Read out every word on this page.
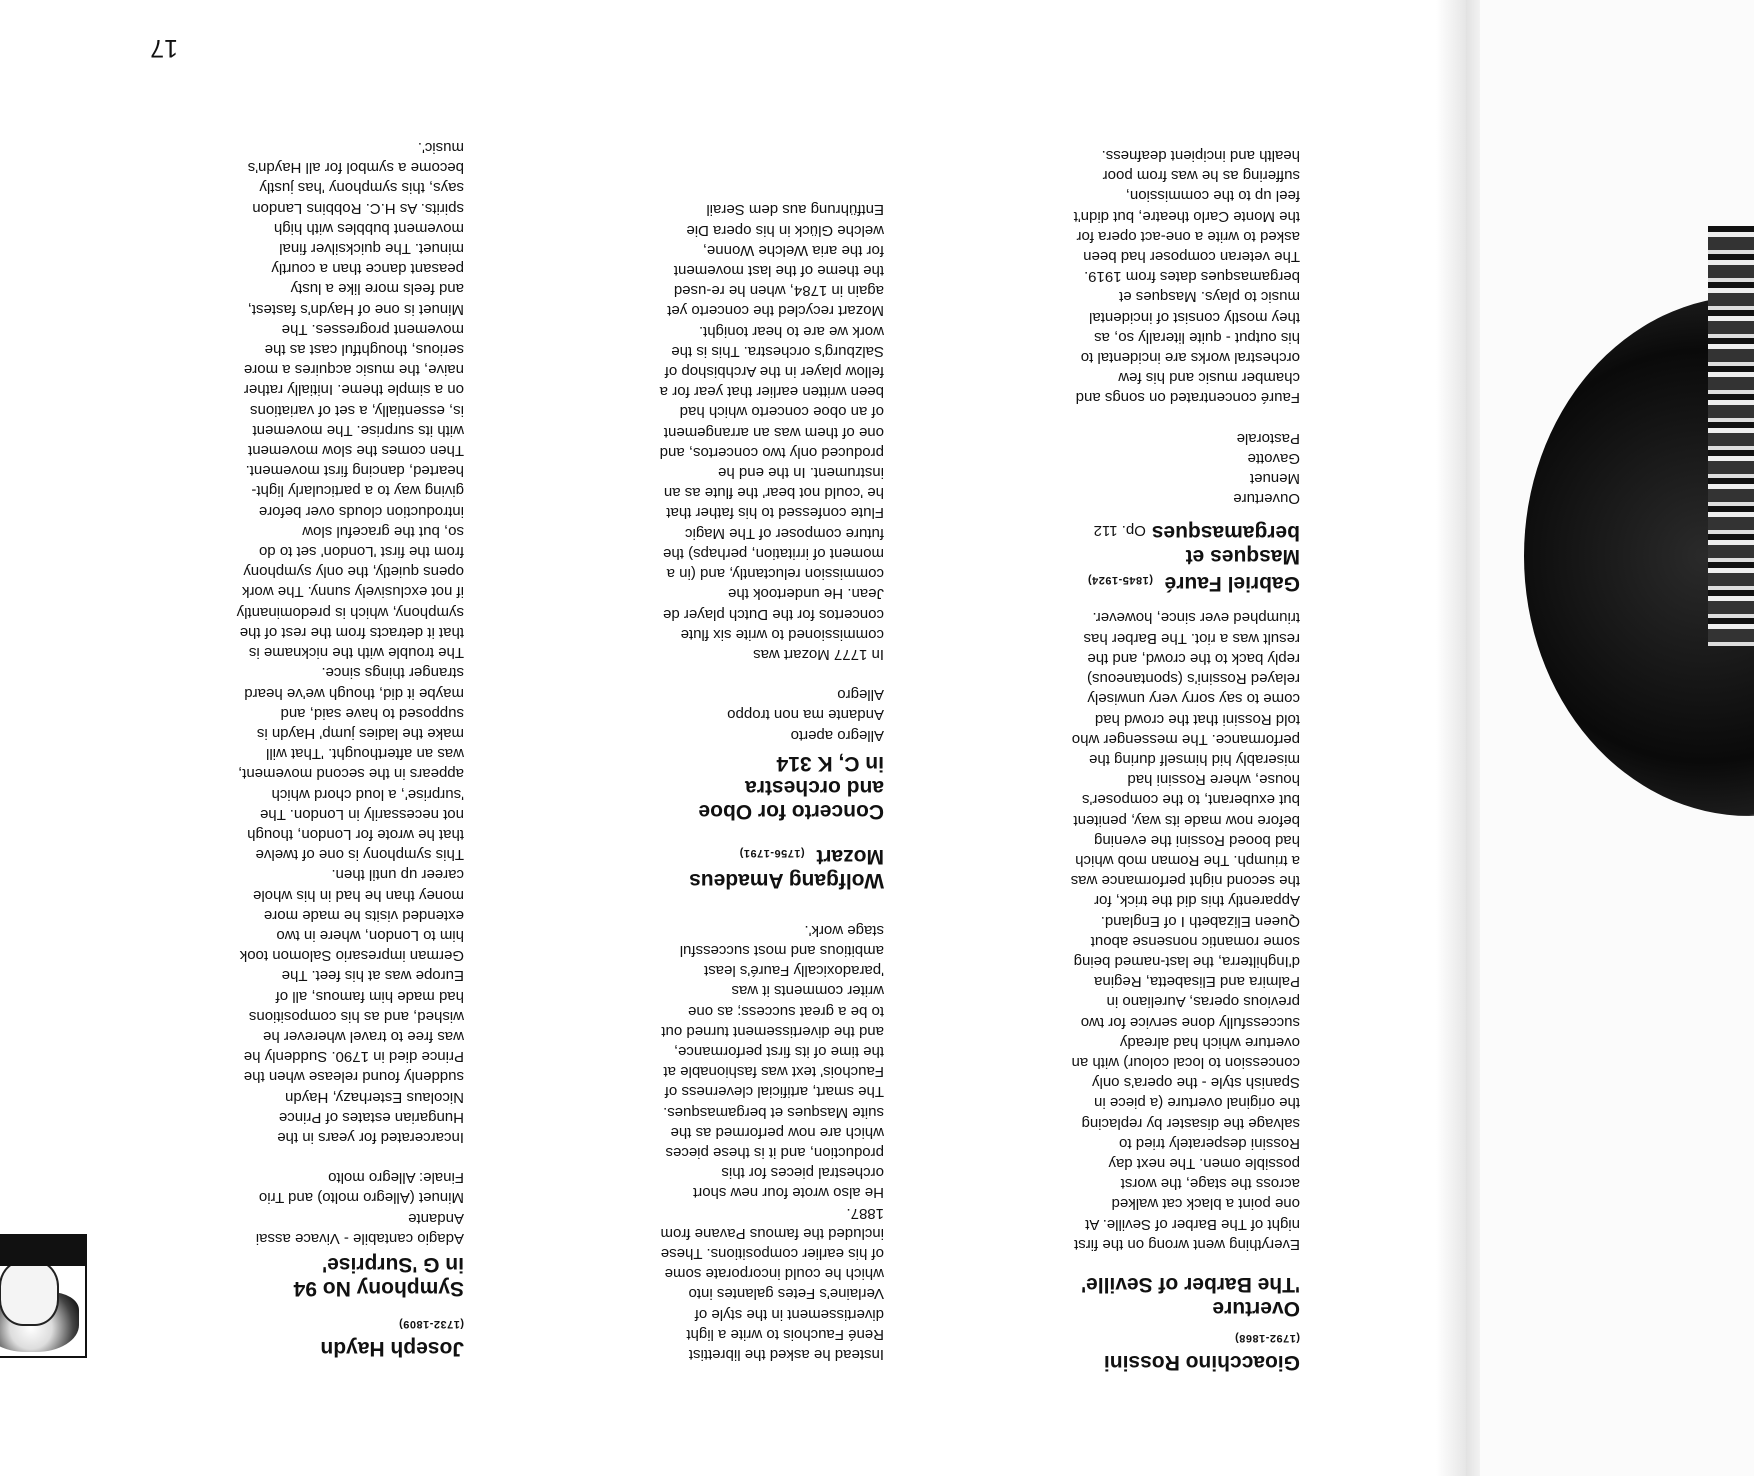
Gioacchino Rossini
(1792-1868)
Overture
'The Barber of Seville'

Everything went wrong on the first

night of The Barber of Seville. At

one point a black cat walked

across the stage, the worst

possible omen. The next day

Rossini desperately tried to

salvage the disaster by replacing

the original overture (a piece in

Spanish style - the opera's only

concession to local colour) with an

overture which had already

successfully done service for two

previous operas, Aureliano in

Palmira and Elisabetta, Regina

d'Inghilterra, the last-named being

some romantic nonsense about

Queen Elizabeth I of England.

Apparently this did the trick, for

the second night performance was

a triumph. The Roman mob which

had booed Rossini the evening

before now made its way, penitent

but exuberant, to the composer's

house, where Rossini had

miserably hid himself during the

performance. The messenger who

told Rossini that the crowd had

come to say sorry very unwisely

relayed Rossini's (spontaneous)

reply back to the crowd, and the

result was a riot. The Barber has

triumphed ever since, however.

Gabriel Fauré  (1845-1924)
Masques et
bergamasques Op. 112

Ouverture

Menuet

Gavotte

Pastorale

Fauré concentrated on songs and

chamber music and his few

orchestral works are incidental to

his output - quite literally so, as

they mostly consist of incidental

music to plays. Masques et

bergamasques dates from 1919.

The veteran composer had been

asked to write a one-act opera for

the Monte Carlo theatre, but didn't

feel up to the commission,

suffering as he was from poor

health and incipient deafness.

Instead he asked the librettist

René Fauchois to write a light

divertissement in the style of

Verlaine's Fetes galantes into

which he could incorporate some

of his earlier compositions. These

included the famous Pavane from

1887.

He also wrote four new short

orchestral pieces for this

production, and it is these pieces

which are now performed as the

suite Masques et bergamasques.

The smart, artificial cleverness of

Fauchois' text was fashionable at

the time of its first performance,

and the divertissement turned out

to be a great success; as one

writer comments it was

'paradoxically Fauré's least

ambitious and most successful

stage work'.

Wolfgang Amadeus
Mozart  (1756-1791)
Concerto for Oboe
and orchestra
in C, K 314

Allegro aperto

Andante ma non troppo

Allegro

In 1777 Mozart was

commissioned to write six flute

concertos for the Dutch player de

Jean. He undertook the

commission reluctantly, and (in a

moment of irritation, perhaps) the

future composer of The Magic

Flute confessed to his father that

he 'could not bear' the flute as an

instrument. In the end he

produced only two concertos, and

one of them was an arrangement

of an oboe concerto which had

been written earlier that year for a

fellow player in the Archbishop of

Salzburg's orchestra. This is the

work we are to hear tonight.

Mozart recycled the concerto yet

again in 1784, when he re-used

the theme of the last movement

for the aria Welche Wonne,

welche Glück in his opera Die

Entführung aus dem Serail

Joseph Haydn
(1732-1809)
Symphony No 94
in G 'Surprise'

Adagio cantabile - Vivace assai

Andante

Minuet (Allegro molto) and Trio

Finale: Allegro molto

Incarcerated for years in the

Hungarian estates of Prince

Nicolaus Esterhazy, Haydn

suddenly found release when the

Prince died in 1790. Suddenly he

was free to travel wherever he

wished, and as his compositions

had made him famous, all of

Europe was at his feet. The

German impresario Salomon took

him to London, where in two

extended visits he made more

money than he had in his whole

career up until then.

This symphony is one of twelve

that he wrote for London, though

not necessarily in London. The

'surprise', a loud chord which

appears in the second movement,

was an afterthought. 'That will

make the ladies jump' Haydn is

supposed to have said, and

maybe it did, though we've heard

stranger things since.

The trouble with the nickname is

that it detracts from the rest of the

symphony, which is predominantly

if not exclusively sunny. The work

opens quietly, the only symphony

from the first 'London' set to do

so, but the graceful slow

introduction clouds over before

giving way to a particularly light-

hearted, dancing first movement.

Then comes the slow movement

with its surprise. The movement

is, essentially, a set of variations

on a simple theme. Initially rather

naive, the music acquires a more

serious, thoughtful cast as the

movement progresses. The

Minuet is one of Haydn's fastest,

and feels more like a lusty

peasant dance than a courtly

minuet. The quicksilver final

movement bubbles with high

spirits. As H.C. Robbins Landon

says, this symphony 'has justly

become a symbol for all Haydn's

music'.

17
